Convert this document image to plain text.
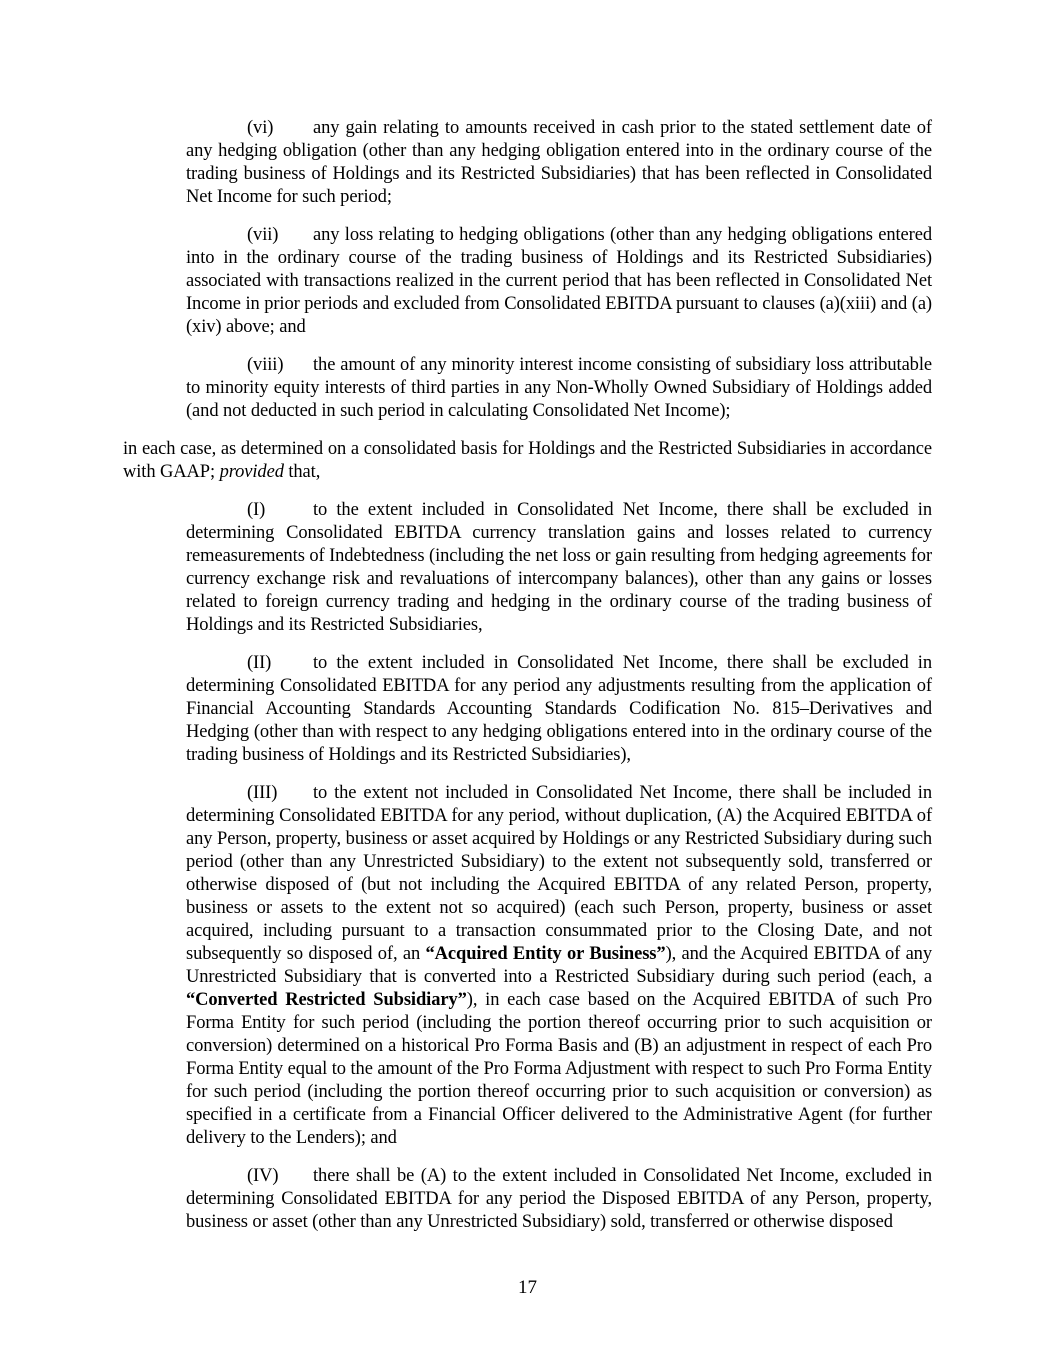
(vi) any gain relating to amounts received in cash prior to the stated settlement date of any hedging obligation (other than any hedging obligation entered into in the ordinary course of the trading business of Holdings and its Restricted Subsidiaries) that has been reflected in Consolidated Net Income for such period;

(vii) any loss relating to hedging obligations (other than any hedging obligations entered into in the ordinary course of the trading business of Holdings and its Restricted Subsidiaries) associated with transactions realized in the current period that has been reflected in Consolidated Net Income in prior periods and excluded from Consolidated EBITDA pursuant to clauses (a)(xiii) and (a)(xiv) above; and

(viii) the amount of any minority interest income consisting of subsidiary loss attributable to minority equity interests of third parties in any Non-Wholly Owned Subsidiary of Holdings added (and not deducted in such period in calculating Consolidated Net Income);

in each case, as determined on a consolidated basis for Holdings and the Restricted Subsidiaries in accordance with GAAP; provided that,

(I)	to the extent included in Consolidated Net Income, there shall be excluded in determining Consolidated EBITDA currency translation gains and losses related to currency remeasurements of Indebtedness (including the net loss or gain resulting from hedging agreements for currency exchange risk and revaluations of intercompany balances), other than any gains or losses related to foreign currency trading and hedging in the ordinary course of the trading business of Holdings and its Restricted Subsidiaries,

(II) to the extent included in Consolidated Net Income, there shall be excluded in determining Consolidated EBITDA for any period any adjustments resulting from the application of Financial Accounting Standards Accounting Standards Codification No. 815–Derivatives and Hedging (other than with respect to any hedging obligations entered into in the ordinary course of the trading business of Holdings and its Restricted Subsidiaries),

(III) to the extent not included in Consolidated Net Income, there shall be included in determining Consolidated EBITDA for any period, without duplication, (A) the Acquired EBITDA of any Person, property, business or asset acquired by Holdings or any Restricted Subsidiary during such period (other than any Unrestricted Subsidiary) to the extent not subsequently sold, transferred or otherwise disposed of (but not including the Acquired EBITDA of any related Person, property, business or assets to the extent not so acquired) (each such Person, property, business or asset acquired, including pursuant to a transaction consummated prior to the Closing Date, and not subsequently so disposed of, an “Acquired Entity or Business”), and the Acquired EBITDA of any Unrestricted Subsidiary that is converted into a Restricted Subsidiary during such period (each, a “Converted Restricted Subsidiary”), in each case based on the Acquired EBITDA of such Pro Forma Entity for such period (including the portion thereof occurring prior to such acquisition or conversion) determined on a historical Pro Forma Basis and (B) an adjustment in respect of each Pro Forma Entity equal to the amount of the Pro Forma Adjustment with respect to such Pro Forma Entity for such period (including the portion thereof occurring prior to such acquisition or conversion) as specified in a certificate from a Financial Officer delivered to the Administrative Agent (for further delivery to the Lenders); and

(IV) there shall be (A) to the extent included in Consolidated Net Income, excluded in determining Consolidated EBITDA for any period the Disposed EBITDA of any Person, property, business or asset (other than any Unrestricted Subsidiary) sold, transferred or otherwise disposed

17
